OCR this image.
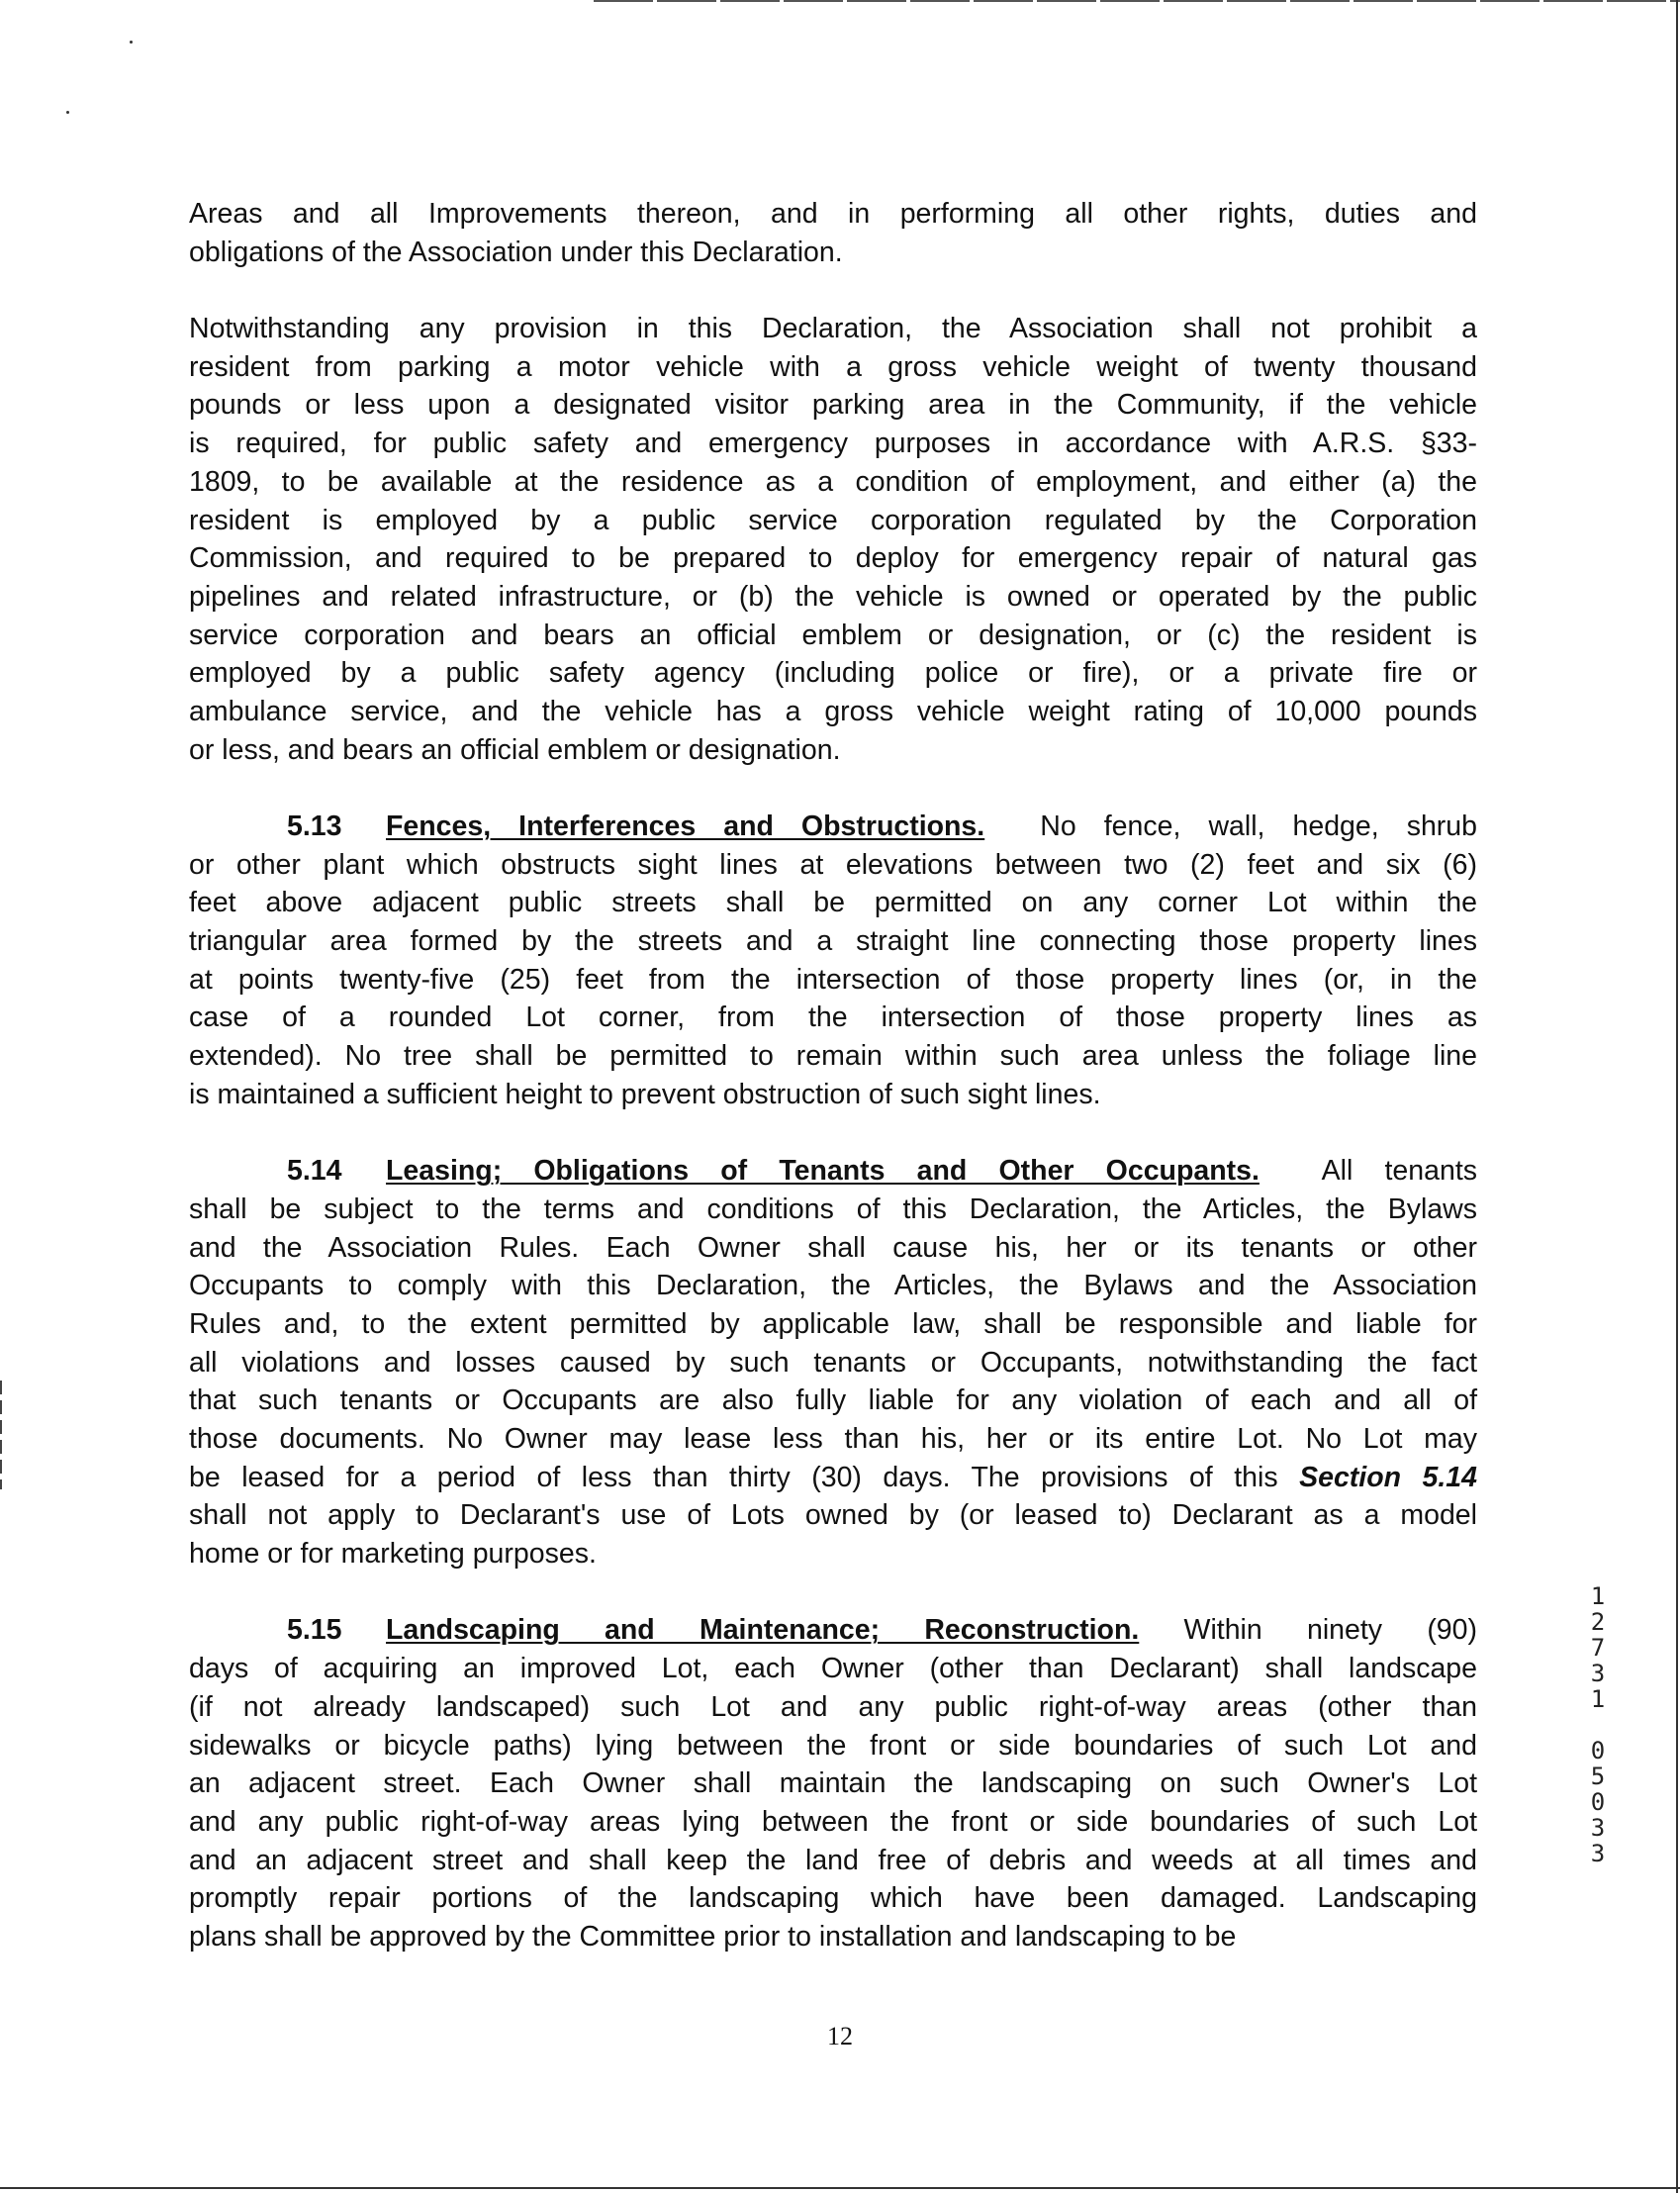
Areas and all Improvements thereon, and in performing all other rights, duties and
obligations of the Association under this Declaration.
Notwithstanding any provision in this Declaration, the Association shall not prohibit a
resident from parking a motor vehicle with a gross vehicle weight of twenty thousand
pounds or less upon a designated visitor parking area in the Community, if the vehicle
is required, for public safety and emergency purposes in accordance with A.R.S. §33-
1809, to be available at the residence as a condition of employment, and either (a) the
resident is employed by a public service corporation regulated by the Corporation
Commission, and required to be prepared to deploy for emergency repair of natural gas
pipelines and related infrastructure, or (b) the vehicle is owned or operated by the public
service corporation and bears an official emblem or designation, or (c) the resident is
employed by a public safety agency (including police or fire), or a private fire or
ambulance service, and the vehicle has a gross vehicle weight rating of 10,000 pounds
or less, and bears an official emblem or designation.
5.13 Fences, Interferences and Obstructions.  No fence, wall, hedge, shrub
or other plant which obstructs sight lines at elevations between two (2) feet and six (6)
feet above adjacent public streets shall be permitted on any corner Lot within the
triangular area formed by the streets and a straight line connecting those property lines
at points twenty-five (25) feet from the intersection of those property lines (or, in the
case of a rounded Lot corner, from the intersection of those property lines as
extended). No tree shall be permitted to remain within such area unless the foliage line
is maintained a sufficient height to prevent obstruction of such sight lines.
5.14 Leasing; Obligations of Tenants and Other Occupants.  All tenants
shall be subject to the terms and conditions of this Declaration, the Articles, the Bylaws
and the Association Rules. Each Owner shall cause his, her or its tenants or other
Occupants to comply with this Declaration, the Articles, the Bylaws and the Association
Rules and, to the extent permitted by applicable law, shall be responsible and liable for
all violations and losses caused by such tenants or Occupants, notwithstanding the fact
that such tenants or Occupants are also fully liable for any violation of each and all of
those documents. No Owner may lease less than his, her or its entire Lot. No Lot may
be leased for a period of less than thirty (30) days. The provisions of this Section 5.14
shall not apply to Declarant's use of Lots owned by (or leased to) Declarant as a model
home or for marketing purposes.
5.15 Landscaping and Maintenance; Reconstruction. Within ninety (90)
days of acquiring an improved Lot, each Owner (other than Declarant) shall landscape
(if not already landscaped) such Lot and any public right-of-way areas (other than
sidewalks or bicycle paths) lying between the front or side boundaries of such Lot and
an adjacent street. Each Owner shall maintain the landscaping on such Owner's Lot
and any public right-of-way areas lying between the front or side boundaries of such Lot
and an adjacent street and shall keep the land free of debris and weeds at all times and
promptly repair portions of the landscaping which have been damaged. Landscaping
plans shall be approved by the Committee prior to installation and landscaping to be
12
1
2
7
3
1
0
5
0
3
3
